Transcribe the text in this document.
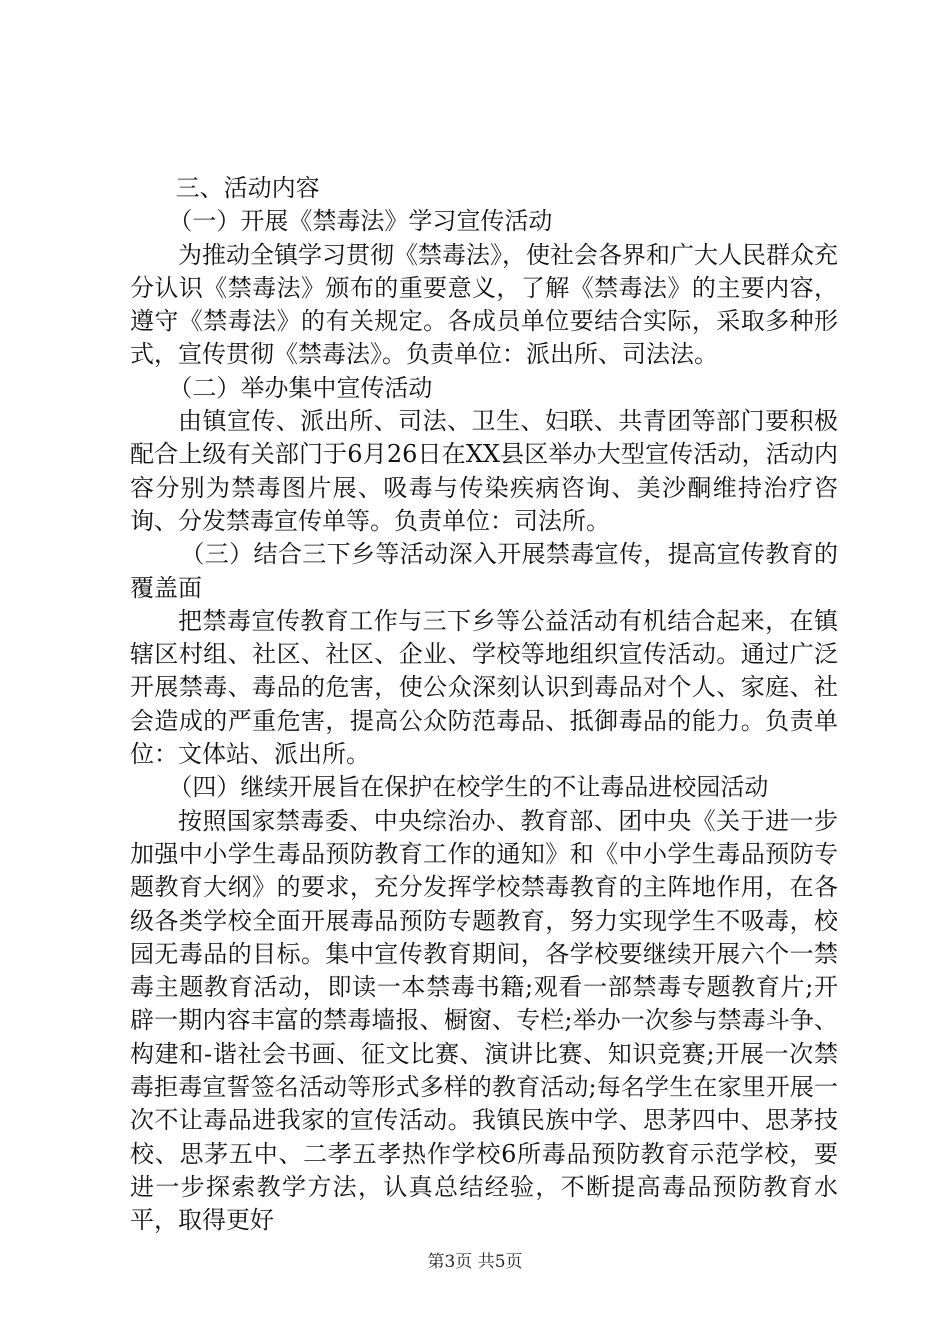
三、活动内容

（一）开展《禁毒法》学习宣传活动

为推动全镇学习贯彻《禁毒法》，使社会各界和广大人民群众充分认识《禁毒法》颁布的重要意义，了解《禁毒法》的主要内容，遵守《禁毒法》的有关规定。各成员单位要结合实际，采取多种形式，宣传贯彻《禁毒法》。负责单位：派出所、司法法。

（二）举办集中宣传活动

由镇宣传、派出所、司法、卫生、妇联、共青团等部门要积极配合上级有关部门于6月26日在XX县区举办大型宣传活动，活动内容分别为禁毒图片展、吸毒与传染疾病咨询、美沙酮维持治疗咨询、分发禁毒宣传单等。负责单位：司法所。

（三）结合三下乡等活动深入开展禁毒宣传，提高宣传教育的覆盖面

把禁毒宣传教育工作与三下乡等公益活动有机结合起来，在镇辖区村组、社区、社区、企业、学校等地组织宣传活动。通过广泛开展禁毒、毒品的危害，使公众深刻认识到毒品对个人、家庭、社会造成的严重危害，提高公众防范毒品、抵御毒品的能力。负责单位：文体站、派出所。

（四）继续开展旨在保护在校学生的不让毒品进校园活动

按照国家禁毒委、中央综治办、教育部、团中央《关于进一步加强中小学生毒品预防教育工作的通知》和《中小学生毒品预防专题教育大纲》的要求，充分发挥学校禁毒教育的主阵地作用，在各级各类学校全面开展毒品预防专题教育，努力实现学生不吸毒，校园无毒品的目标。集中宣传教育期间，各学校要继续开展六个一禁毒主题教育活动，即读一本禁毒书籍;观看一部禁毒专题教育片;开辟一期内容丰富的禁毒墙报、橱窗、专栏;举办一次参与禁毒斗争、构建和-谐社会书画、征文比赛、演讲比赛、知识竞赛;开展一次禁毒拒毒宣誓签名活动等形式多样的教育活动;每名学生在家里开展一次不让毒品进我家的宣传活动。我镇民族中学、思茅四中、思茅技校、思茅五中、二孝五孝热作学校6所毒品预防教育示范学校，要进一步探索教学方法，认真总结经验，不断提高毒品预防教育水平，取得更好

第3页 共5页
